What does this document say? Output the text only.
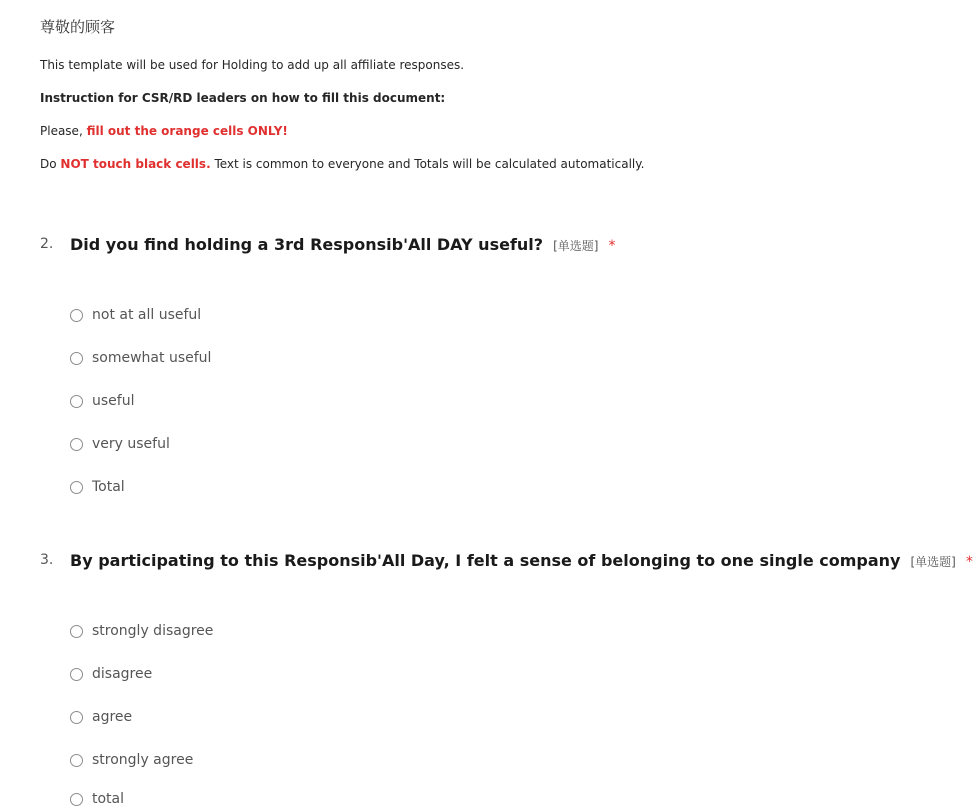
尊敬的顾客
This template will be used for Holding to add up all affiliate responses.
Instruction for CSR/RD leaders on how to fill this document:
Please, fill out the orange cells ONLY!
Do NOT touch black cells. Text is common to everyone and Totals will be calculated automatically.
2. Did you find holding a 3rd Responsib'All DAY useful? [单选题] *
not at all useful
somewhat useful
useful
very useful
Total
3. By participating to this Responsib'All Day, I felt a sense of belonging to one single company [单选题] *
strongly disagree
disagree
agree
strongly agree
total
